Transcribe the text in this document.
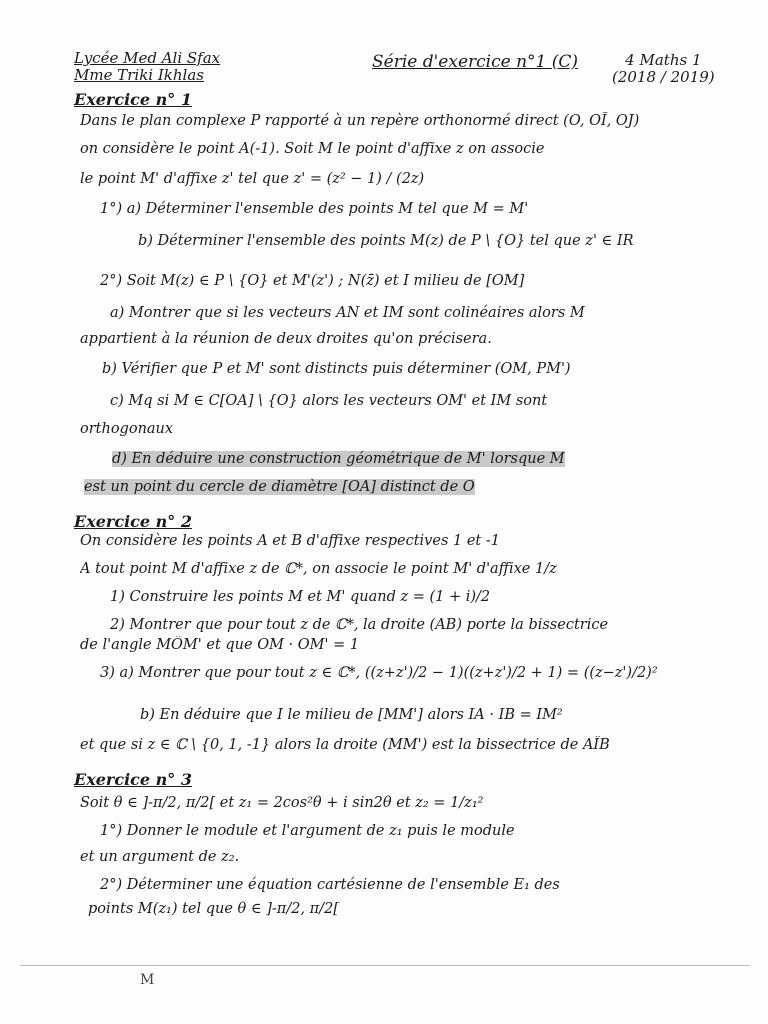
Lycée Med Ali Sfax
Mme Triki Ikhlas
Série d'exercice n°1 (C)	4 Maths 1
(2018 / 2019)
Exercice n° 1
Dans le plan complexe P rapporté à un repère orthonormé direct (O, OĪ, OJ)
on considère le point A(-1). Soit M le point d'affixe z on associe
le point M' d'affixe z' tel que z' = (z² − 1) / (2z)
1°) a) Déterminer l'ensemble des points M tel que M = M'
b) Déterminer l'ensemble des points M(z) de P \ {O} tel que z' ∈ IR
2°) Soit M(z) ∈ P \ {O} et M'(z') ; N(z̄) et I milieu de [OM]
a) Montrer que si les vecteurs AN et IM sont colinéaires alors M
appartient à la réunion de deux droites qu'on précisera.
b) Vérifier que P et M' sont distincts puis déterminer (OM, PM')
c) Mq si M ∈ C[OA] \ {O} alors les vecteurs OM' et IM sont
orthogonaux
d) En déduire une construction géométrique de M' lorsque M
est un point du cercle de diamètre [OA] distinct de O
Exercice n° 2
On considère les points A et B d'affixe respectives 1 et -1
A tout point M d'affixe z de ℂ*, on associe le point M' d'affixe 1/z
1) Construire les points M et M' quand z = (1 + i)/2
2) Montrer que pour tout z de ℂ*, la droite (AB) porte la bissectrice
de l'angle MÔM' et que OM · OM' = 1
3) a) Montrer que pour tout z ∈ ℂ*, ((z+z')/2 − 1)((z+z')/2 + 1) = ((z−z')/2)²
b) En déduire que I le milieu de [MM'] alors IA · IB = IM²
et que si z ∈ ℂ \ {0, 1, -1} alors la droite (MM') est la bissectrice de AÎB
Exercice n° 3
Soit θ ∈ ]-π/2, π/2[ et z₁ = 2cos²θ + i sin2θ et z₂ = 1/z₁²
1°) Donner le module et l'argument de z₁ puis le module
et un argument de z₂.
2°) Déterminer une équation cartésienne de l'ensemble E₁ des
points M(z₁) tel que θ ∈ ]-π/2, π/2[
M
